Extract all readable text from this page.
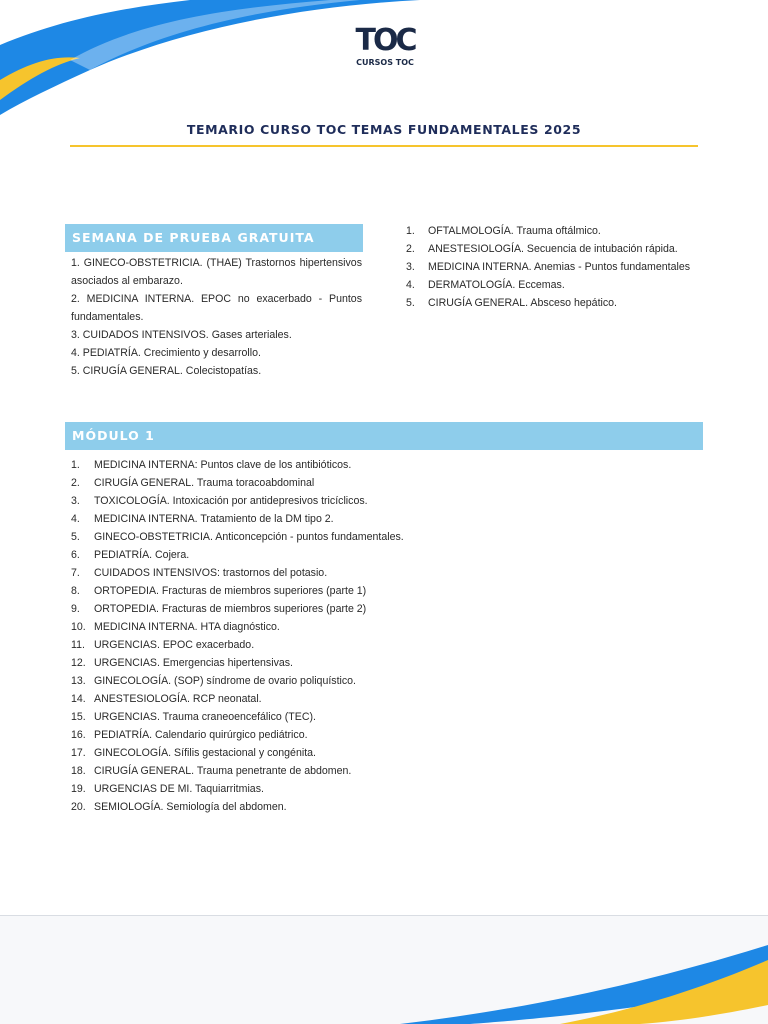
TOC
CURSOS TOC
TEMARIO CURSO TOC TEMAS FUNDAMENTALES 2025
SEMANA DE PRUEBA GRATUITA

1. GINECO-OBSTETRICIA. (THAE) Trastornos hipertensivos asociados al embarazo.

2. MEDICINA INTERNA. EPOC no exacerbado - Puntos fundamentales.

3. CUIDADOS INTENSIVOS. Gases arteriales.

4. PEDIATRÍA. Crecimiento y desarrollo.

5. CIRUGÍA GENERAL. Colecistopatías.

1.	OFTALMOLOGÍA. Trauma oftálmico.
2.	ANESTESIOLOGÍA. Secuencia de intubación rápida.
3.	MEDICINA INTERNA. Anemias - Puntos fundamentales
4.	DERMATOLOGÍA. Eccemas.
5.	CIRUGÍA GENERAL. Absceso hepático.
MÓDULO 1
1.	MEDICINA INTERNA: Puntos clave de los antibióticos.
2.	CIRUGÍA GENERAL. Trauma toracoabdominal
3.	TOXICOLOGÍA. Intoxicación por antidepresivos tricíclicos.
4.	MEDICINA INTERNA. Tratamiento de la DM tipo 2.
5.	GINECO-OBSTETRICIA. Anticoncepción - puntos fundamentales.
6.	PEDIATRÍA. Cojera.
7.	CUIDADOS INTENSIVOS: trastornos del potasio.
8.	ORTOPEDIA. Fracturas de miembros superiores (parte 1)
9.	ORTOPEDIA. Fracturas de miembros superiores (parte 2)
10. MEDICINA INTERNA. HTA diagnóstico.
11. URGENCIAS. EPOC exacerbado.
12. URGENCIAS. Emergencias hipertensivas.
13. GINECOLOGÍA. (SOP) síndrome de ovario poliquístico.
14. ANESTESIOLOGÍA. RCP neonatal.
15. URGENCIAS. Trauma craneoencefálico (TEC).
16. PEDIATRÍA. Calendario quirúrgico pediátrico.
17. GINECOLOGÍA. Sífilis gestacional y congénita.
18. CIRUGÍA GENERAL. Trauma penetrante de abdomen.
19. URGENCIAS DE MI. Taquiarritmias.
20. SEMIOLOGÍA. Semiología del abdomen.
